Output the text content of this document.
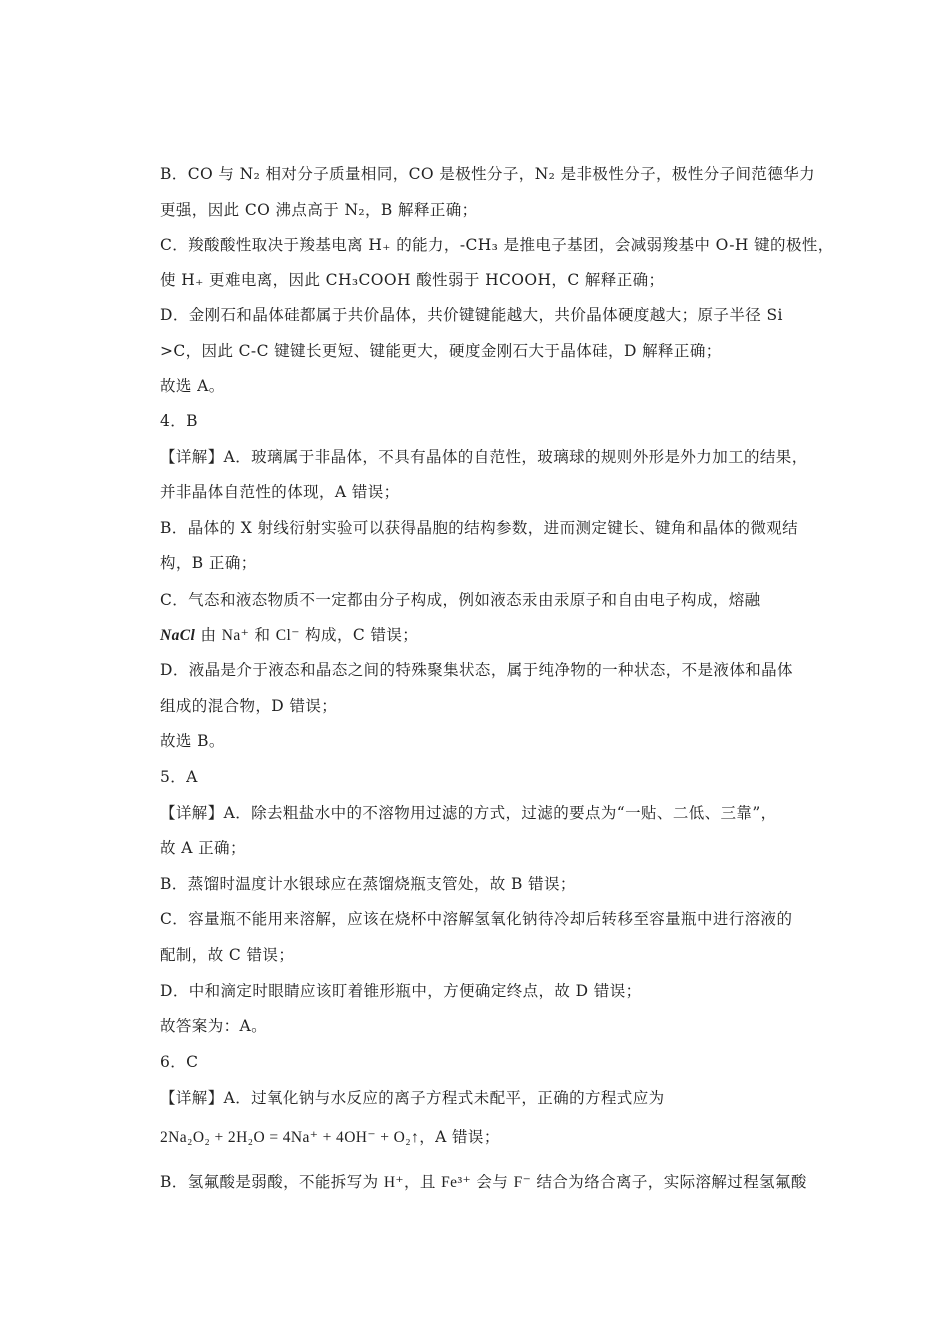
B．CO 与 N₂ 相对分子质量相同，CO 是极性分子，N₂ 是非极性分子，极性分子间范德华力
更强，因此 CO 沸点高于 N₂，B 解释正确；
C．羧酸酸性取决于羧基电离 H₊ 的能力，-CH₃ 是推电子基团，会减弱羧基中 O-H 键的极性，
使 H₊ 更难电离，因此 CH₃COOH 酸性弱于 HCOOH，C 解释正确；
D．金刚石和晶体硅都属于共价晶体，共价键键能越大，共价晶体硬度越大；原子半径 Si
>C，因此 C-C 键键长更短、键能更大，硬度金刚石大于晶体硅，D 解释正确；
故选 A。
4．B
【详解】A．玻璃属于非晶体，不具有晶体的自范性，玻璃球的规则外形是外力加工的结果，
并非晶体自范性的体现，A 错误；
B．晶体的 X 射线衍射实验可以获得晶胞的结构参数，进而测定键长、键角和晶体的微观结
构，B 正确；
C．气态和液态物质不一定都由分子构成，例如液态汞由汞原子和自由电子构成，熔融
NaCl 由 Na⁺ 和 Cl⁻ 构成，C 错误；
D．液晶是介于液态和晶态之间的特殊聚集状态，属于纯净物的一种状态，不是液体和晶体
组成的混合物，D 错误；
故选 B。
5．A
【详解】A．除去粗盐水中的不溶物用过滤的方式，过滤的要点为“一贴、二低、三靠”，
故 A 正确；
B．蒸馏时温度计水银球应在蒸馏烧瓶支管处，故 B 错误；
C．容量瓶不能用来溶解，应该在烧杯中溶解氢氧化钠待冷却后转移至容量瓶中进行溶液的
配制，故 C 错误；
D．中和滴定时眼睛应该盯着锥形瓶中，方便确定终点，故 D 错误；
故答案为：A。
6．C
【详解】A．过氧化钠与水反应的离子方程式未配平，正确的方程式应为
2Na₂O₂ + 2H₂O = 4Na⁺ + 4OH⁻ + O₂↑，A 错误；
B．氢氟酸是弱酸，不能拆写为 H⁺，且 Fe³⁺ 会与 F⁻ 结合为络合离子，实际溶解过程氢氟酸
